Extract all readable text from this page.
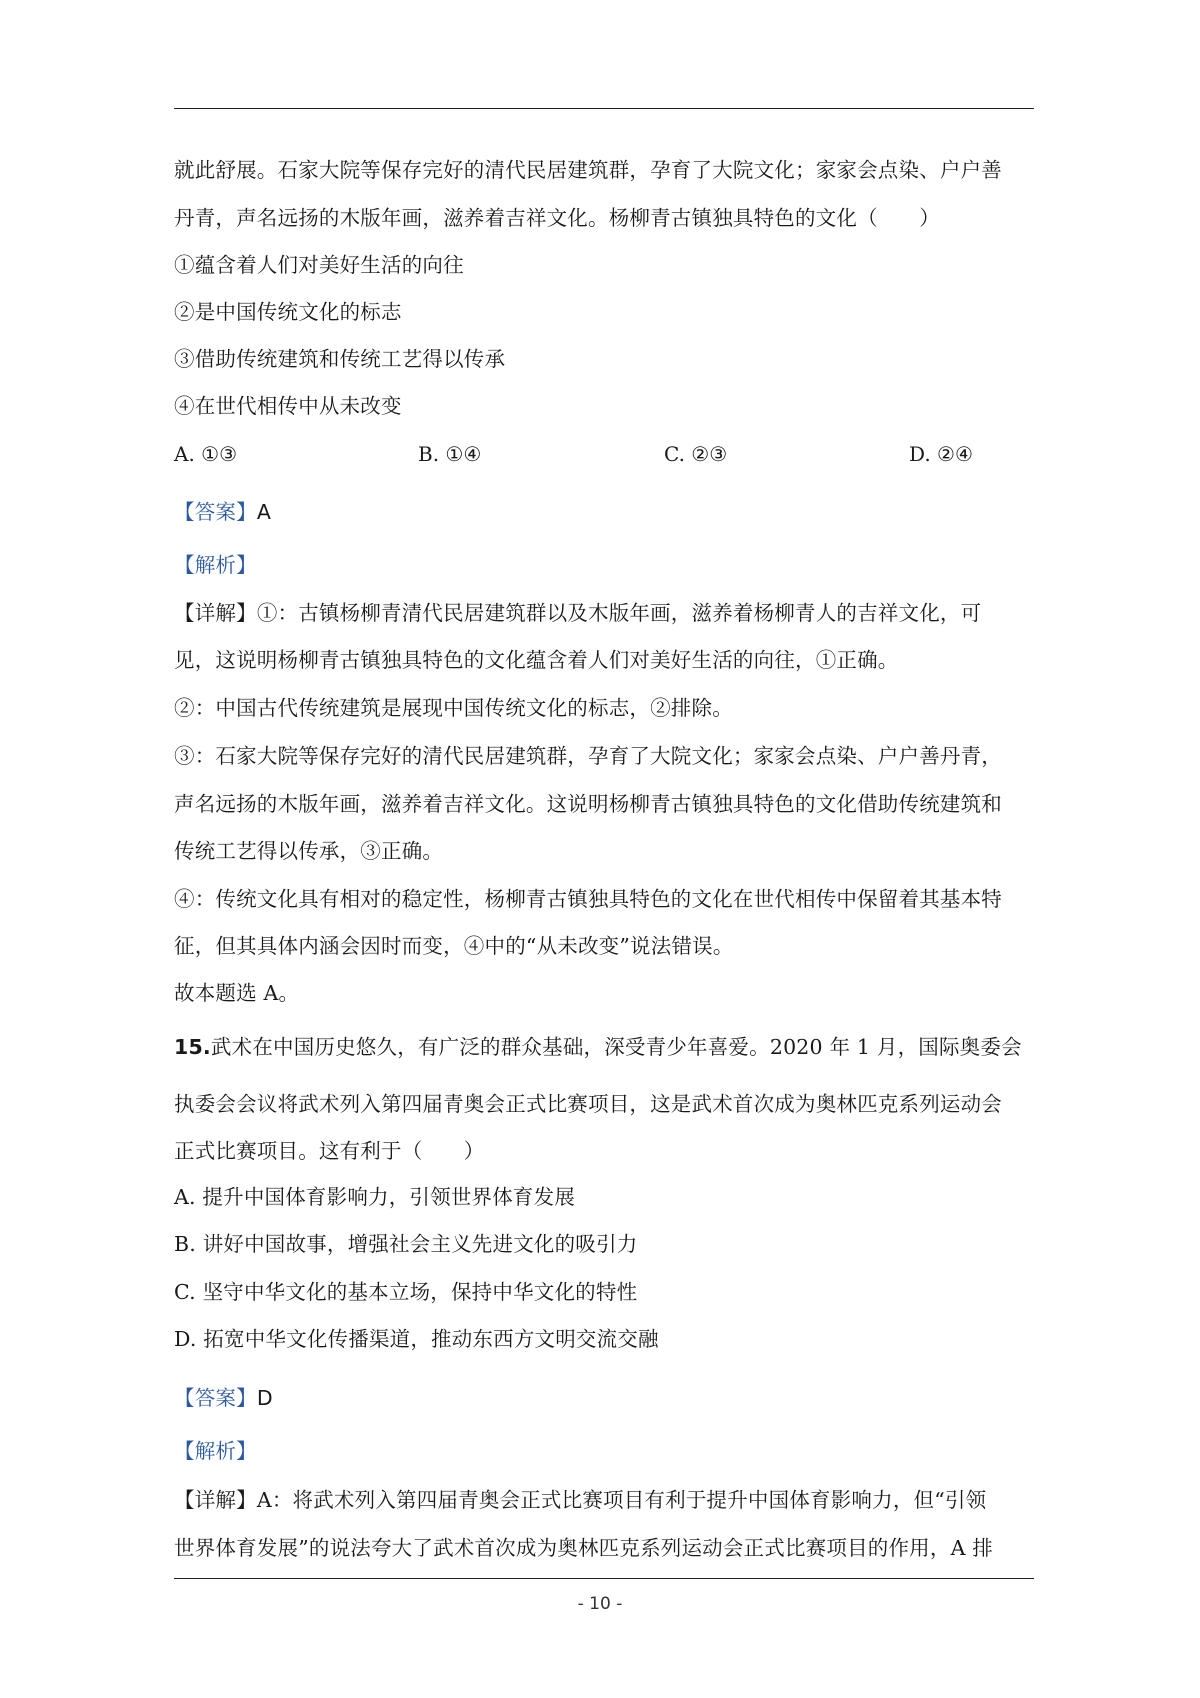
就此舒展。石家大院等保存完好的清代民居建筑群，孕育了大院文化；家家会点染、户户善
丹青，声名远扬的木版年画，滋养着吉祥文化。杨柳青古镇独具特色的文化（　　）
①蕴含着人们对美好生活的向往
②是中国传统文化的标志
③借助传统建筑和传统工艺得以传承
④在世代相传中从未改变
A. ①③	B. ①④	C. ②③	D. ②④
【答案】A
【解析】
【详解】①：古镇杨柳青清代民居建筑群以及木版年画，滋养着杨柳青人的吉祥文化，可
见，这说明杨柳青古镇独具特色的文化蕴含着人们对美好生活的向往，①正确。
②：中国古代传统建筑是展现中国传统文化的标志，②排除。
③：石家大院等保存完好的清代民居建筑群，孕育了大院文化；家家会点染、户户善丹青，
声名远扬的木版年画，滋养着吉祥文化。这说明杨柳青古镇独具特色的文化借助传统建筑和
传统工艺得以传承，③正确。
④：传统文化具有相对的稳定性，杨柳青古镇独具特色的文化在世代相传中保留着其基本特
征，但其具体内涵会因时而变，④中的“从未改变”说法错误。
故本题选 A。
15.武术在中国历史悠久，有广泛的群众基础，深受青少年喜爱。2020 年 1 月，国际奥委会
执委会会议将武术列入第四届青奥会正式比赛项目，这是武术首次成为奥林匹克系列运动会
正式比赛项目。这有利于（　　）
A. 提升中国体育影响力，引领世界体育发展
B. 讲好中国故事，增强社会主义先进文化的吸引力
C. 坚守中华文化的基本立场，保持中华文化的特性
D. 拓宽中华文化传播渠道，推动东西方文明交流交融
【答案】D
【解析】
【详解】A：将武术列入第四届青奥会正式比赛项目有利于提升中国体育影响力，但“引领
世界体育发展”的说法夸大了武术首次成为奥林匹克系列运动会正式比赛项目的作用，A 排
- 10 -
